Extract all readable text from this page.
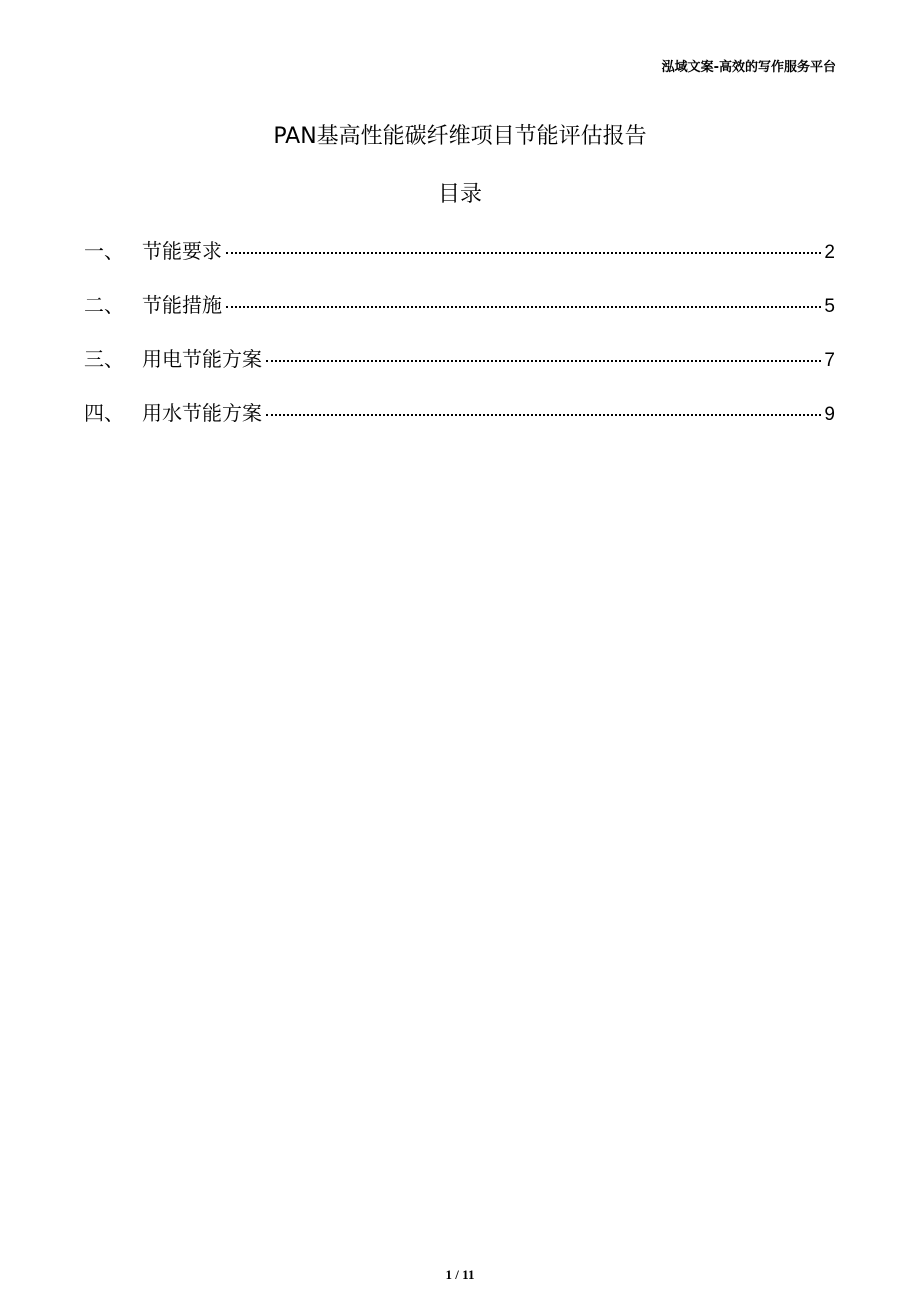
泓域文案-高效的写作服务平台
PAN基高性能碳纤维项目节能评估报告
目录
一、 节能要求	2
二、 节能措施	5
三、 用电节能方案	7
四、 用水节能方案	9
1 / 11
